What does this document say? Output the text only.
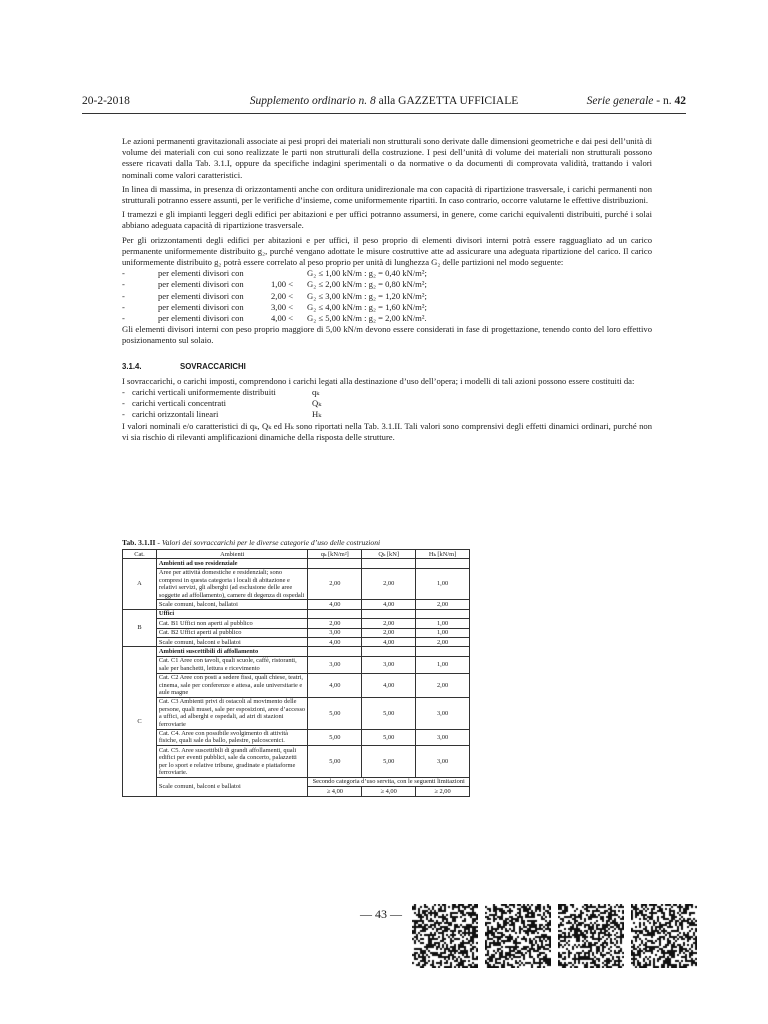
20-2-2018	Supplemento ordinario n. 8 alla GAZZETTA UFFICIALE	Serie generale - n. 42

Le azioni permanenti gravitazionali associate ai pesi propri dei materiali non strutturali sono derivate dalle dimensioni geometriche e dai pesi dell’unità di volume dei materiali con cui sono realizzate le parti non strutturali della costruzione. I pesi dell’unità di volume dei materiali non strutturali possono essere ricavati dalla Tab. 3.1.I, oppure da specifiche indagini sperimentali o da normative o da documenti di comprovata validità, trattando i valori nominali come valori caratteristici.

In linea di massima, in presenza di orizzontamenti anche con orditura unidirezionale ma con capacità di ripartizione trasversale, i carichi permanenti non strutturali potranno essere assunti, per le verifiche d’insieme, come uniformemente ripartiti. In caso contrario, occorre valutarne le effettive distribuzioni.

I tramezzi e gli impianti leggeri degli edifici per abitazioni e per uffici potranno assumersi, in genere, come carichi equivalenti distribuiti, purché i solai abbiano adeguata capacità di ripartizione trasversale.

Per gli orizzontamenti degli edifici per abitazioni e per uffici, il peso proprio di elementi divisori interni potrà essere ragguagliato ad un carico permanente uniformemente distribuito g₂, purché vengano adottate le misure costruttive atte ad assicurare una adeguata ripartizione del carico. Il carico uniformemente distribuito g₂ potrà essere correlato al peso proprio per unità di lunghezza G₂ delle partizioni nel modo seguente:

-	per elementi divisori con	G₂ ≤ 1,00 kN/m : g₂ = 0,40 kN/m²;
-	per elementi divisori con	1,00 < G₂ ≤ 2,00 kN/m : g₂ = 0,80 kN/m²;
-	per elementi divisori con	2,00 < G₂ ≤ 3,00 kN/m : g₂ = 1,20 kN/m²;
-	per elementi divisori con	3,00 < G₂ ≤ 4,00 kN/m : g₂ = 1,60 kN/m²;
-	per elementi divisori con	4,00 < G₂ ≤ 5,00 kN/m : g₂ = 2,00 kN/m².

Gli elementi divisori interni con peso proprio maggiore di 5,00 kN/m devono essere considerati in fase di progettazione, tenendo conto del loro effettivo posizionamento sul solaio.

3.1.4.	SOVRACCARICHI

I sovraccarichi, o carichi imposti, comprendono i carichi legati alla destinazione d’uso dell’opera; i modelli di tali azioni possono essere costituiti da:

- carichi verticali uniformemente distribuiti	qₖ
- carichi verticali concentrati	Qₖ
- carichi orizzontali lineari	Hₖ

I valori nominali e/o caratteristici di qₖ, Qₖ ed Hₖ sono riportati nella Tab. 3.1.II. Tali valori sono comprensivi degli effetti dinamici ordinari, purché non vi sia rischio di rilevanti amplificazioni dinamiche della risposta delle strutture.

Tab. 3.1.II - Valori dei sovraccarichi per le diverse categorie d’uso delle costruzioni
Cat.	Ambienti	qₖ [kN/m²]	Qₖ [kN]	Hₖ [kN/m]
A	Ambienti ad uso residenziale			
	Aree per attività domestiche e residenziali; sono compresi in questa categoria i locali di abitazione e relativi servizi, gli alberghi (ad esclusione delle aree soggette ad affollamento), camere di degenza di ospedali	2,00	2,00	1,00
	Scale comuni, balconi, ballatoi	4,00	4,00	2,00
B	Uffici			
	Cat. B1 Uffici non aperti al pubblico	2,00	2,00	1,00
	Cat. B2 Uffici aperti al pubblico	3,00	2,00	1,00
	Scale comuni, balconi e ballatoi	4,00	4,00	2,00
C	Ambienti suscettibili di affollamento			
	Cat. C1 Aree con tavoli, quali scuole, caffè, ristoranti, sale per banchetti, lettura e ricevimento	3,00	3,00	1,00
	Cat. C2 Aree con posti a sedere fissi, quali chiese, teatri, cinema, sale per conferenze e attesa, aule universitarie e aule magne	4,00	4,00	2,00
	Cat. C3 Ambienti privi di ostacoli al movimento delle persone, quali musei, sale per esposizioni, aree d’accesso a uffici, ad alberghi e ospedali, ad atri di stazioni ferroviarie	5,00	5,00	3,00
	Cat. C4. Aree con possibile svolgimento di attività fisiche, quali sale da ballo, palestre, palcoscenici.	5,00	5,00	3,00
	Cat. C5. Aree suscettibili di grandi affollamenti, quali edifici per eventi pubblici, sale da concerto, palazzetti per lo sport e relative tribune, gradinate e piattaforme ferroviarie.	5,00	5,00	3,00
	Scale comuni, balconi e ballatoi	Secondo categoria d’uso servita, con le seguenti limitazioni		
		≥ 4,00	≥ 4,00	≥ 2,00
— 43 —
